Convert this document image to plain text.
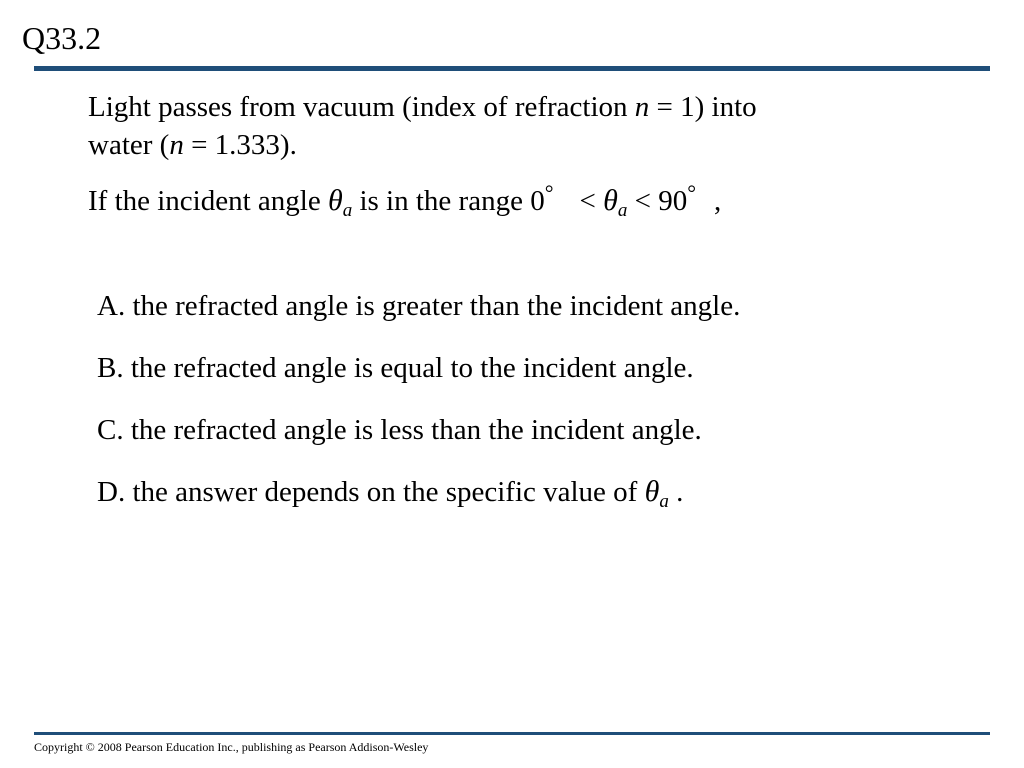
Q33.2

Light passes from vacuum (index of refraction n = 1) into
water (n = 1.333).

If the incident angle $\theta_a$ is in the range $0^\circ < \theta_a < 90^\circ$ ,

A. the refracted angle is greater than the incident angle.

B. the refracted angle is equal to the incident angle.

C. the refracted angle is less than the incident angle.

D. the answer depends on the specific value of $\theta_a$ .

Copyright © 2008 Pearson Education Inc., publishing as Pearson Addison-Wesley
